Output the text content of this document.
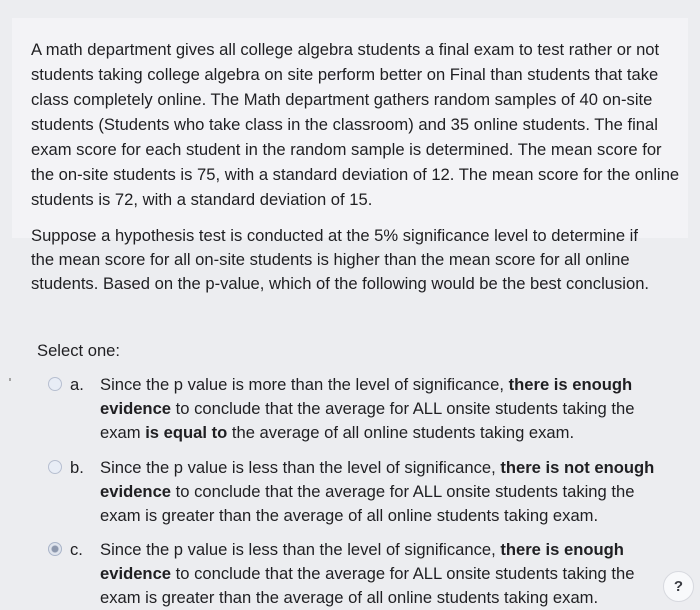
A math department gives all college algebra students a final exam to test rather or not students taking college algebra on site perform better on Final than students that take class completely online. The Math department gathers random samples of 40 on-site students (Students who take class in the classroom) and 35 online students. The final exam score for each student in the random sample is determined. The mean score for the on-site students is 75, with a standard deviation of 12. The mean score for the online students is 72, with a standard deviation of 15.

Suppose a hypothesis test is conducted at the 5% significance level to determine if the mean score for all on-site students is higher than the mean score for all online students. Based on the p-value, which of the following would be the best conclusion.

Select one:

a. Since the p value is more than the level of significance, there is enough evidence to conclude that the average for ALL onsite students taking the exam is equal to the average of all online students taking exam.
b. Since the p value is less than the level of significance, there is not enough evidence to conclude that the average for ALL onsite students taking the exam is greater than the average of all online students taking exam.
c. Since the p value is less than the level of significance, there is enough evidence to conclude that the average for ALL onsite students taking the exam is greater than the average of all online students taking exam.
?
